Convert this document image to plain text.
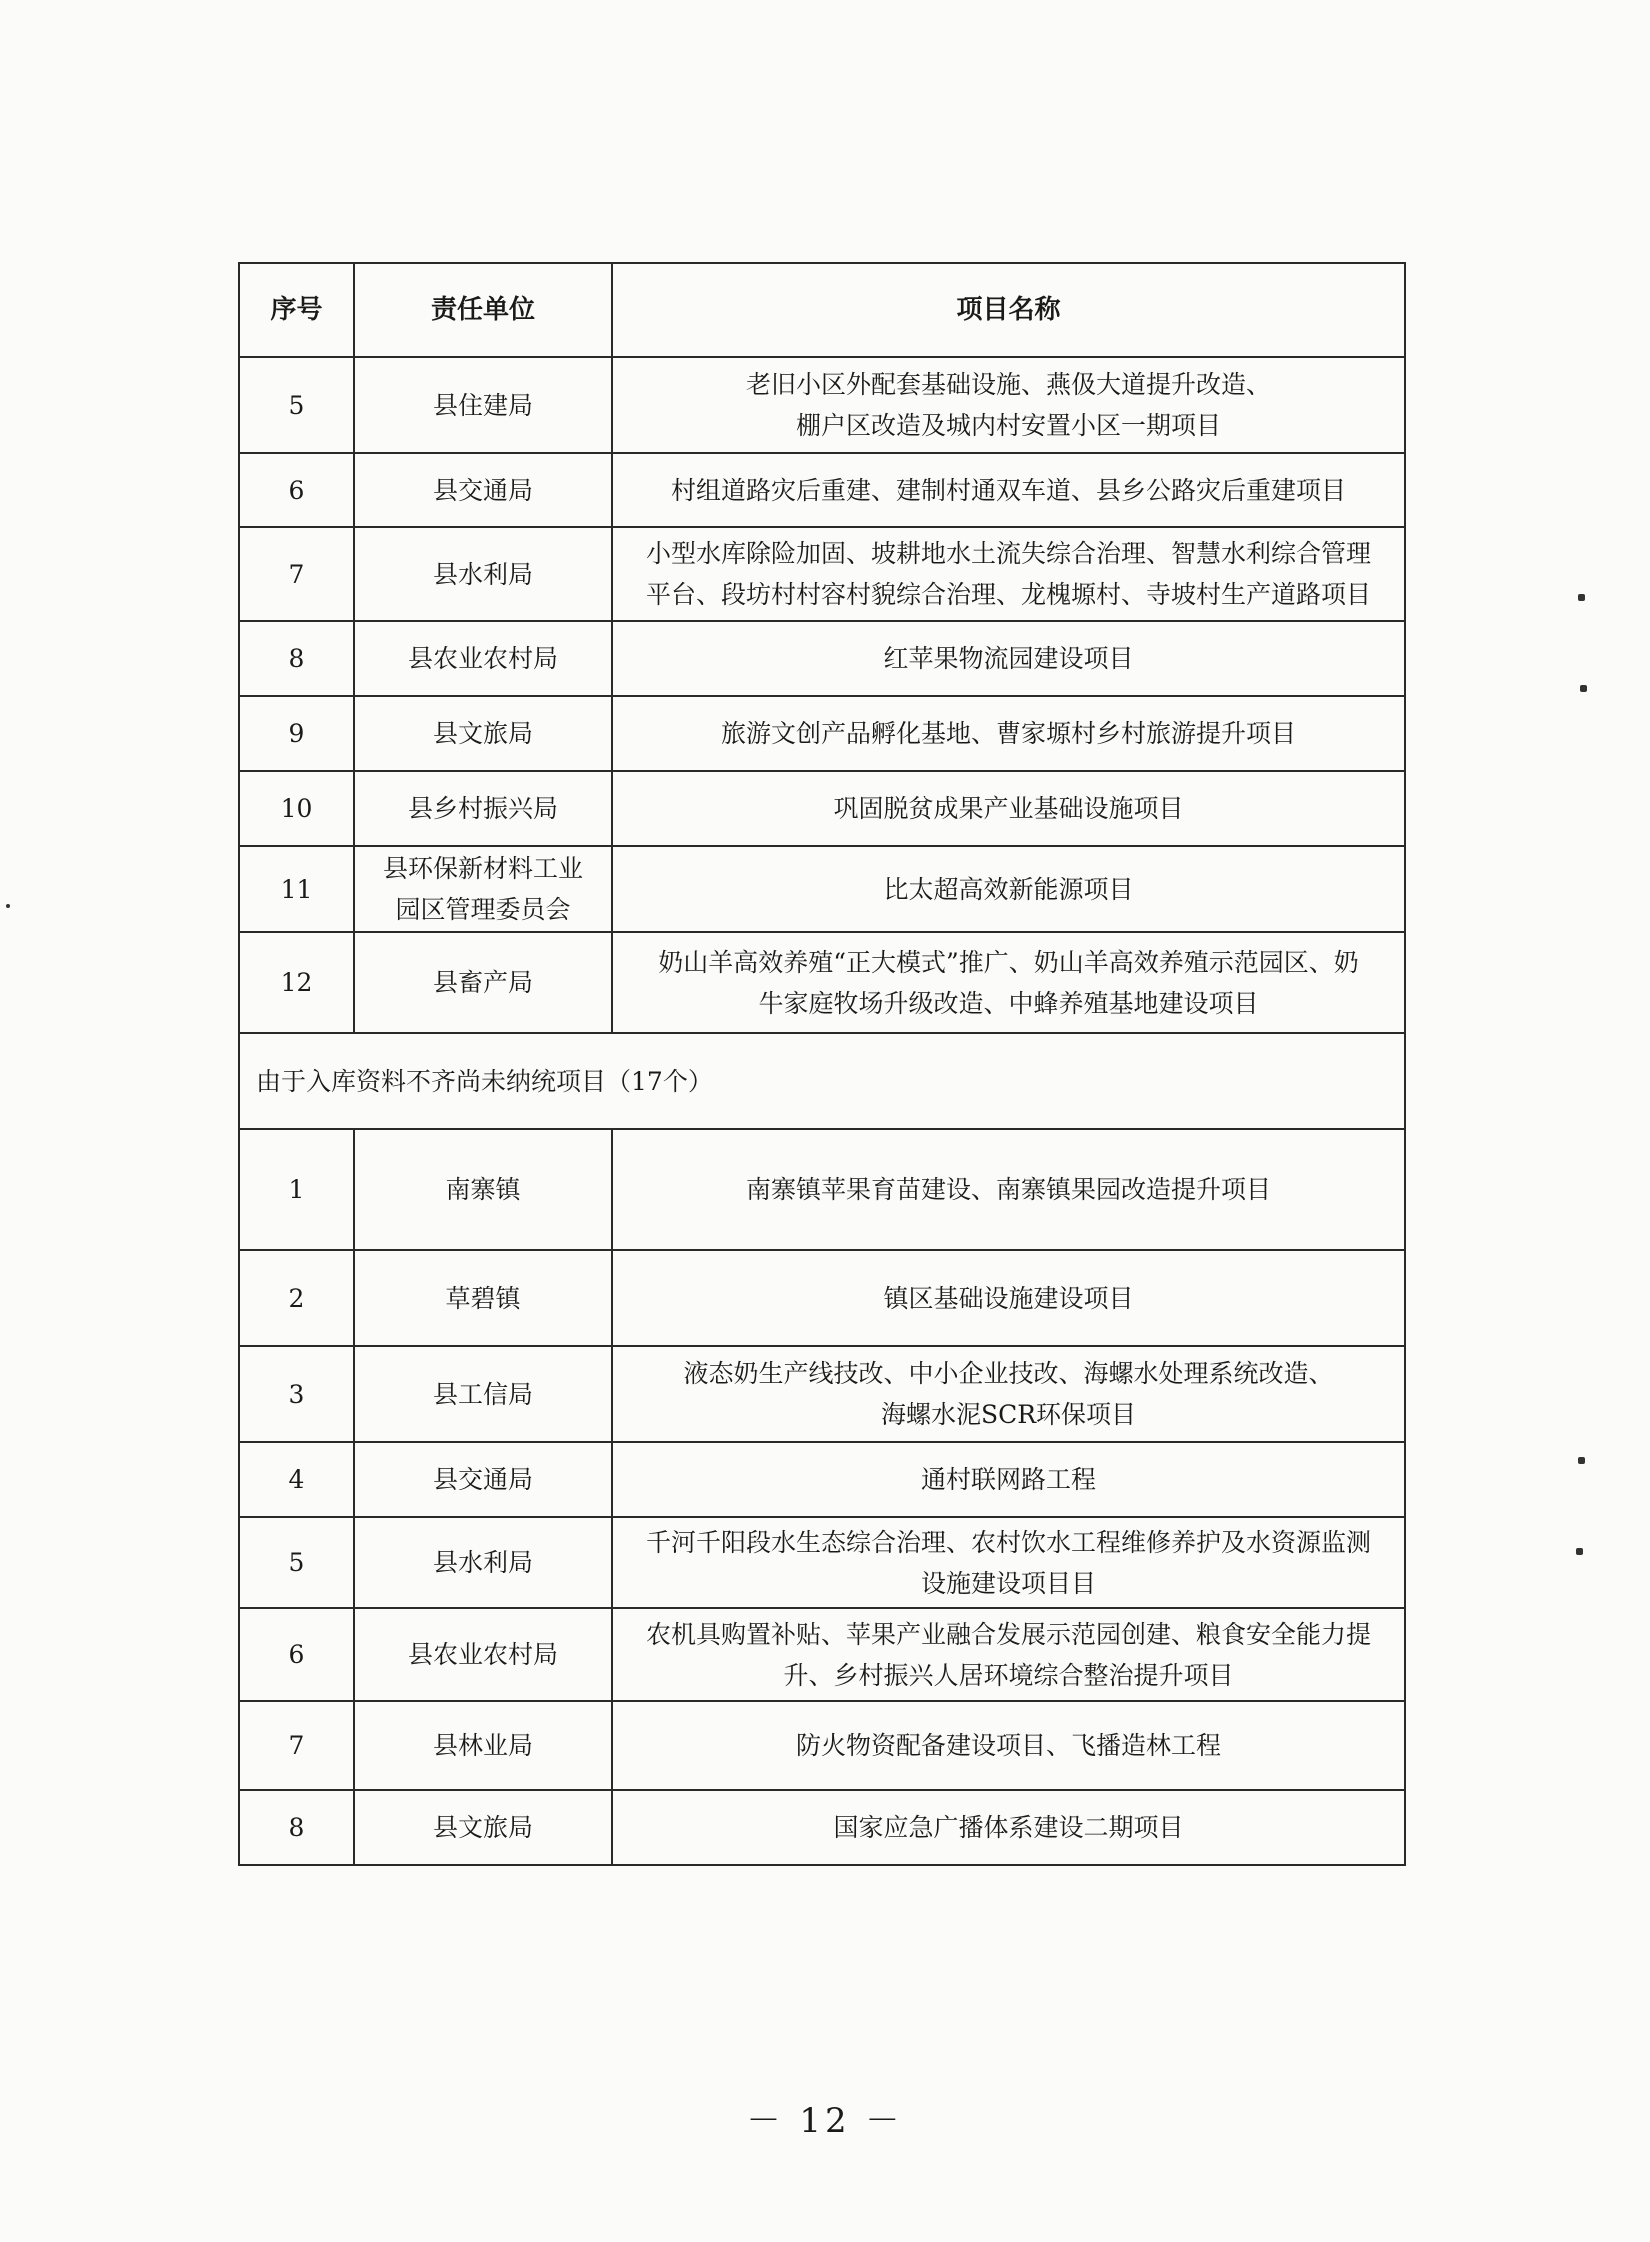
序号	责任单位	项目名称
5	县住建局	老旧小区外配套基础设施、燕伋大道提升改造、
棚户区改造及城内村安置小区一期项目

6	县交通局	村组道路灾后重建、建制村通双车道、县乡公路灾后重建项目

7	县水利局	小型水库除险加固、坡耕地水土流失综合治理、智慧水利综合管理
平台、段坊村村容村貌综合治理、龙槐塬村、寺坡村生产道路项目

8	县农业农村局	红苹果物流园建设项目

9	县文旅局	旅游文创产品孵化基地、曹家塬村乡村旅游提升项目

10	县乡村振兴局	巩固脱贫成果产业基础设施项目

11	县环保新材料工业
园区管理委员会	比太超高效新能源项目

12	县畜产局	奶山羊高效养殖“正大模式”推广、奶山羊高效养殖示范园区、奶
牛家庭牧场升级改造、中蜂养殖基地建设项目

由于入库资料不齐尚未纳统项目（17个）		
1	南寨镇	南寨镇苹果育苗建设、南寨镇果园改造提升项目

2	草碧镇	镇区基础设施建设项目

3	县工信局	液态奶生产线技改、中小企业技改、海螺水处理系统改造、
海螺水泥SCR环保项目

4	县交通局	通村联网路工程

5	县水利局	千河千阳段水生态综合治理、农村饮水工程维修养护及水资源监测
设施建设项目目

6	县农业农村局	农机具购置补贴、苹果产业融合发展示范园创建、粮食安全能力提
升、乡村振兴人居环境综合整治提升项目

7	县林业局	防火物资配备建设项目、飞播造林工程

8	县文旅局	国家应急广播体系建设二期项目
－ 12 －
